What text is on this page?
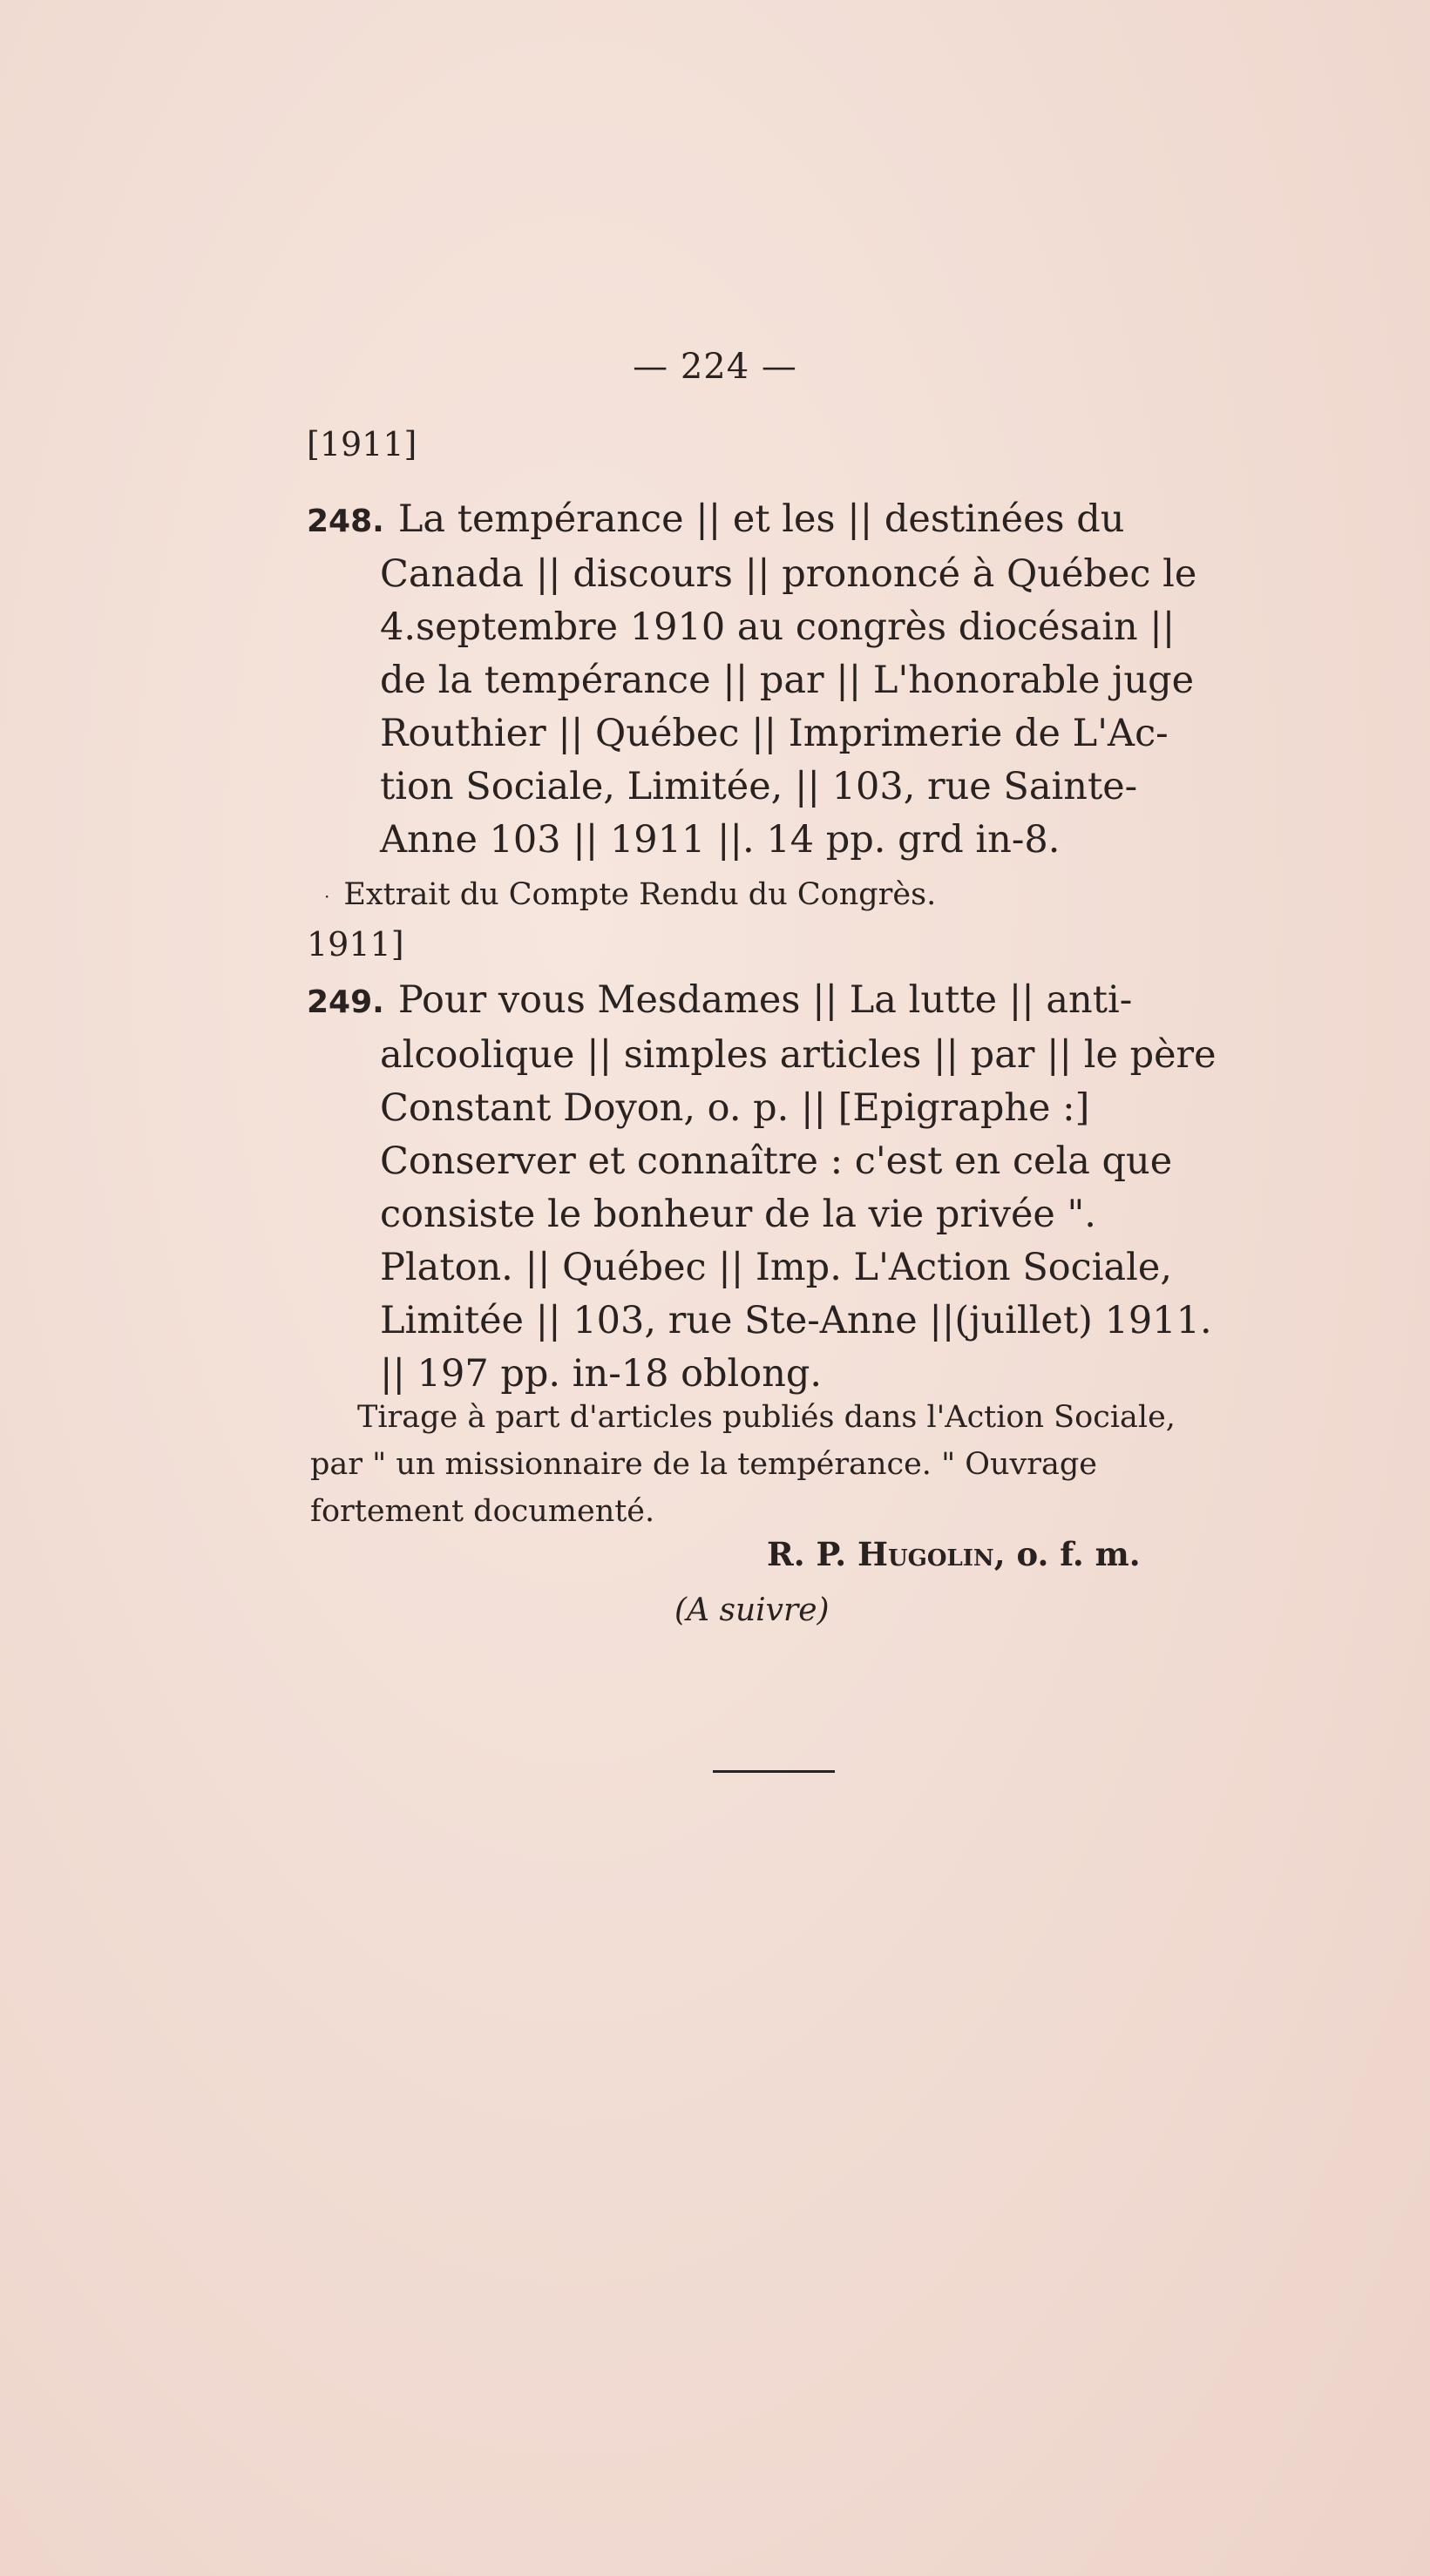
— 224 —
[1911]
248. La tempérance || et les || destinées du
Canada || discours || prononcé à Québec le
4.septembre 1910 au congrès diocésain ||
de la tempérance || par || L'honorable juge
Routhier || Québec || Imprimerie de L'Ac-
tion Sociale, Limitée, || 103, rue Sainte-
Anne 103 || 1911 ||. 14 pp. grd in-8.
· Extrait du Compte Rendu du Congrès.
1911]
249. Pour vous Mesdames || La lutte || anti-
alcoolique || simples articles || par || le père
Constant Doyon, o. p. || [Epigraphe :]
Conserver et connaître : c'est en cela que
consiste le bonheur de la vie privée ".
Platon. || Québec || Imp. L'Action Sociale,
Limitée || 103, rue Ste-Anne ||(juillet) 1911.
|| 197 pp. in-18 oblong.
Tirage à part d'articles publiés dans l'Action Sociale,
par " un missionnaire de la tempérance. " Ouvrage
fortement documenté.
R. P. Hugolin, o. f. m.
(A suivre)
